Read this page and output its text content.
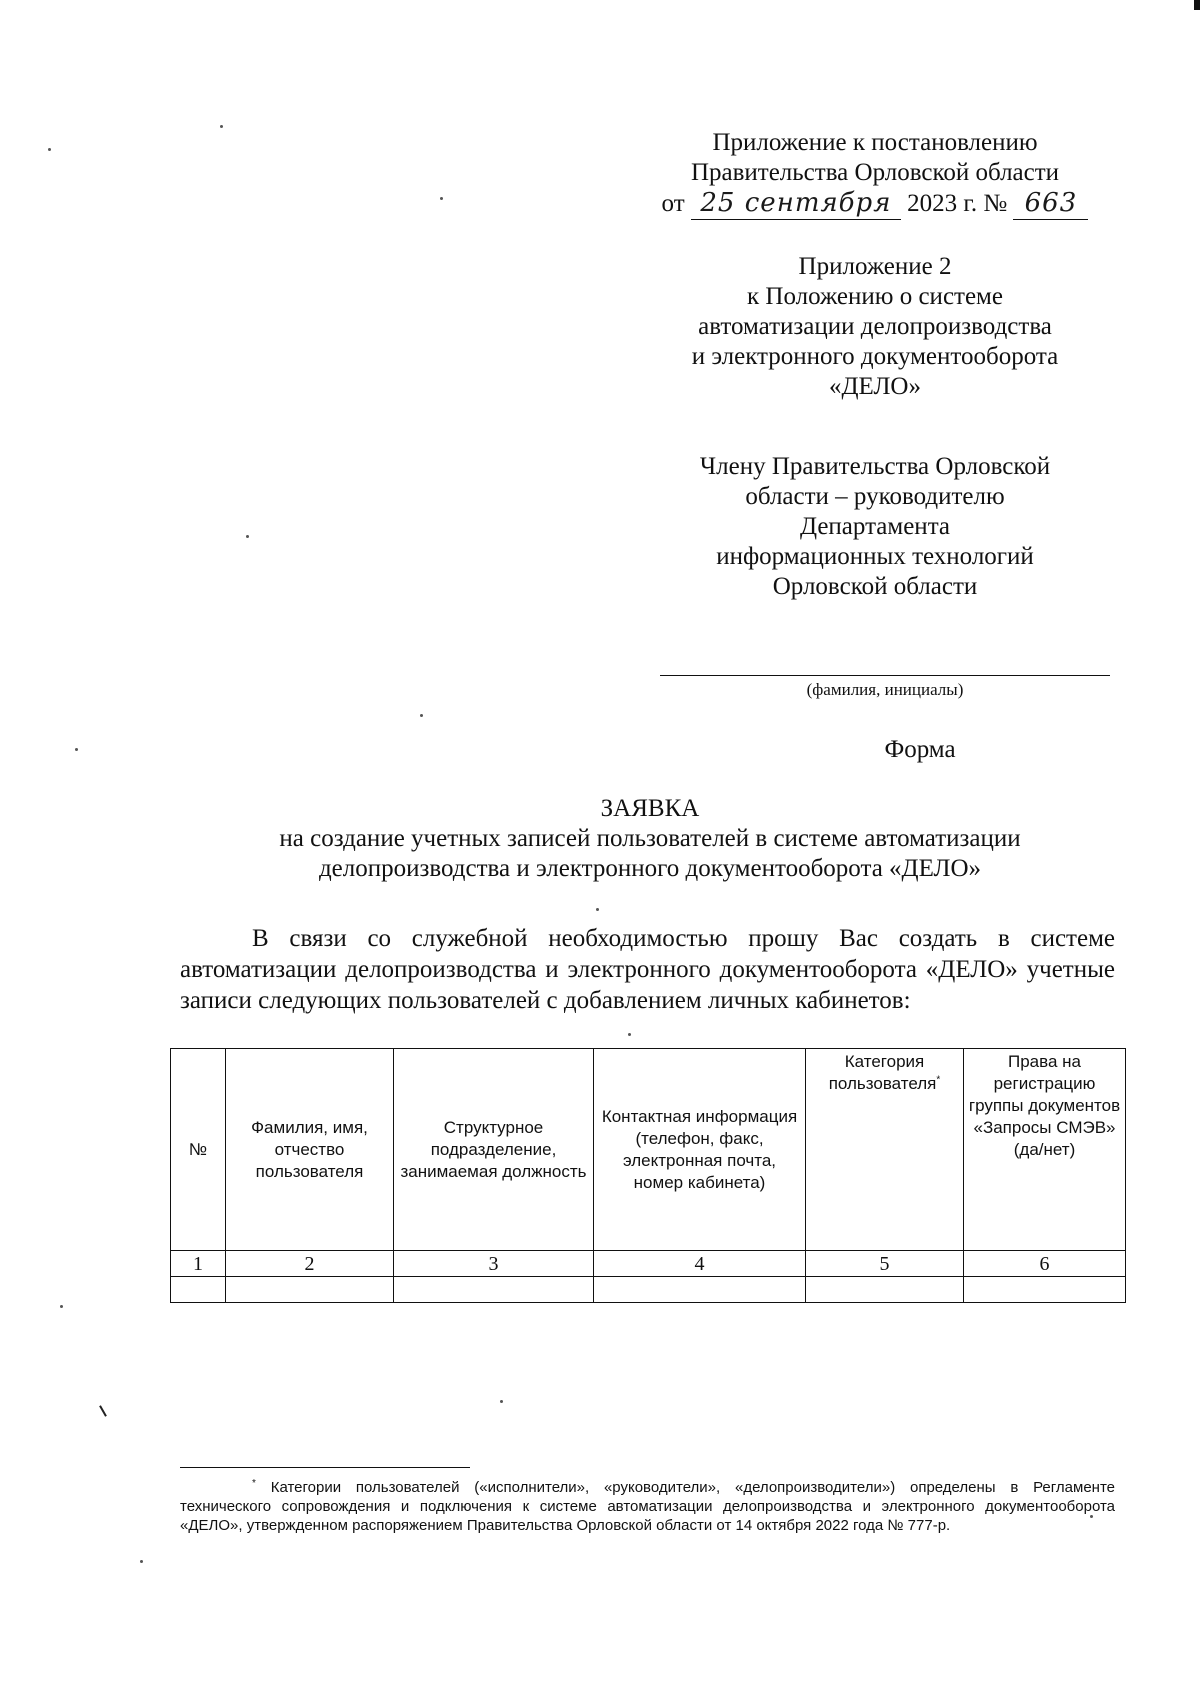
Приложение к постановлению
Правительства Орловской области
от 25 сентября 2023 г. № 663
Приложение 2
к Положению о системе
автоматизации делопроизводства
и электронного документооборота
«ДЕЛО»
Члену Правительства Орловской
области – руководителю
Департамента
информационных технологий
Орловской области
(фамилия, инициалы)
Форма
ЗАЯВКА
на создание учетных записей пользователей в системе автоматизации
делопроизводства и электронного документооборота «ДЕЛО»

В связи со служебной необходимостью прошу Вас создать в системе автоматизации делопроизводства и электронного документооборота «ДЕЛО» учетные записи следующих пользователей с добавлением личных кабинетов:

№	Фамилия, имя, отчество пользователя	Структурное подразделение, занимаемая должность	Контактная информация (телефон, факс, электронная почта, номер кабинета)	Категория пользователя*	Права на регистрацию группы документов «Запросы СМЭВ» (да/нет)
1	2	3	4	5	6

* Категории пользователей («исполнители», «руководители», «делопроизводители») определены в Регламенте технического сопровождения и подключения к системе автоматизации делопроизводства и электронного документооборота «ДЕЛО», утвержденном распоряжением Правительства Орловской области от 14 октября 2022 года № 777-р.
